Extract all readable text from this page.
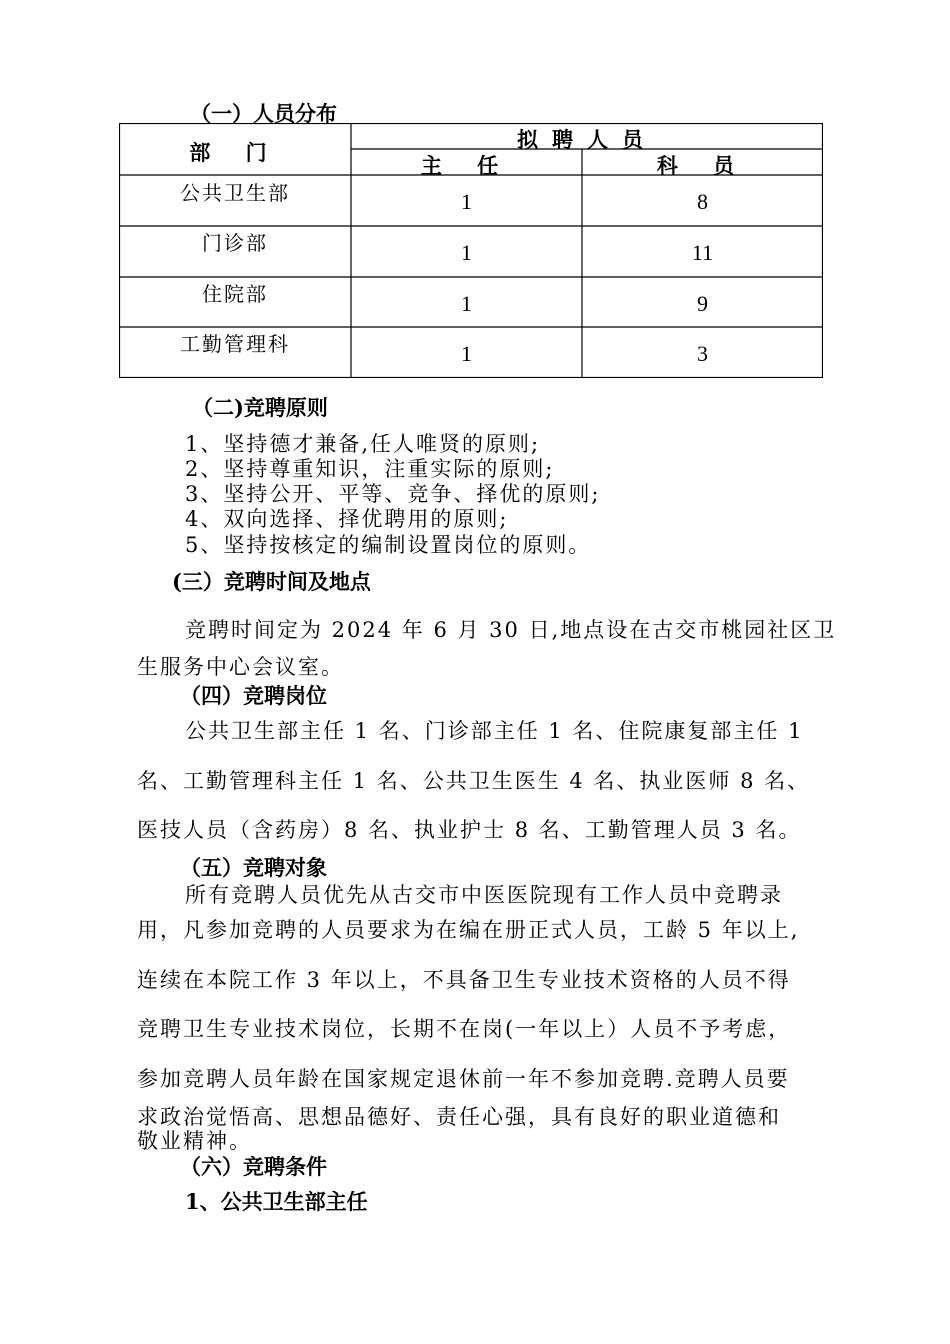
（一）人员分布
部 门
拟聘人员
主 任	科 员
公共卫生部	1	8
门诊部	1	11
住院部	1	9
工勤管理科	1	3
（二)竞聘原则
1、坚持德才兼备,任人唯贤的原则;
2、坚持尊重知识，注重实际的原则;
3、坚持公开、平等、竞争、择优的原则;
4、双向选择、择优聘用的原则;
5、坚持按核定的编制设置岗位的原则。
(三）竞聘时间及地点
竞聘时间定为 2024 年 6 月 30 日,地点设在古交市桃园社区卫
生服务中心会议室。
（四）竞聘岗位
公共卫生部主任 1 名、门诊部主任 1 名、住院康复部主任 1
名、工勤管理科主任 1 名、公共卫生医生 4 名、执业医师 8 名、
医技人员（含药房）8 名、执业护士 8 名、工勤管理人员 3 名。
（五）竞聘对象
所有竞聘人员优先从古交市中医医院现有工作人员中竞聘录
用，凡参加竞聘的人员要求为在编在册正式人员，工龄 5 年以上,
连续在本院工作 3 年以上，不具备卫生专业技术资格的人员不得
竞聘卫生专业技术岗位，长期不在岗(一年以上）人员不予考虑，
参加竞聘人员年龄在国家规定退休前一年不参加竞聘.竞聘人员要
求政治觉悟高、思想品德好、责任心强，具有良好的职业道德和
敬业精神。
（六）竞聘条件
1、公共卫生部主任
